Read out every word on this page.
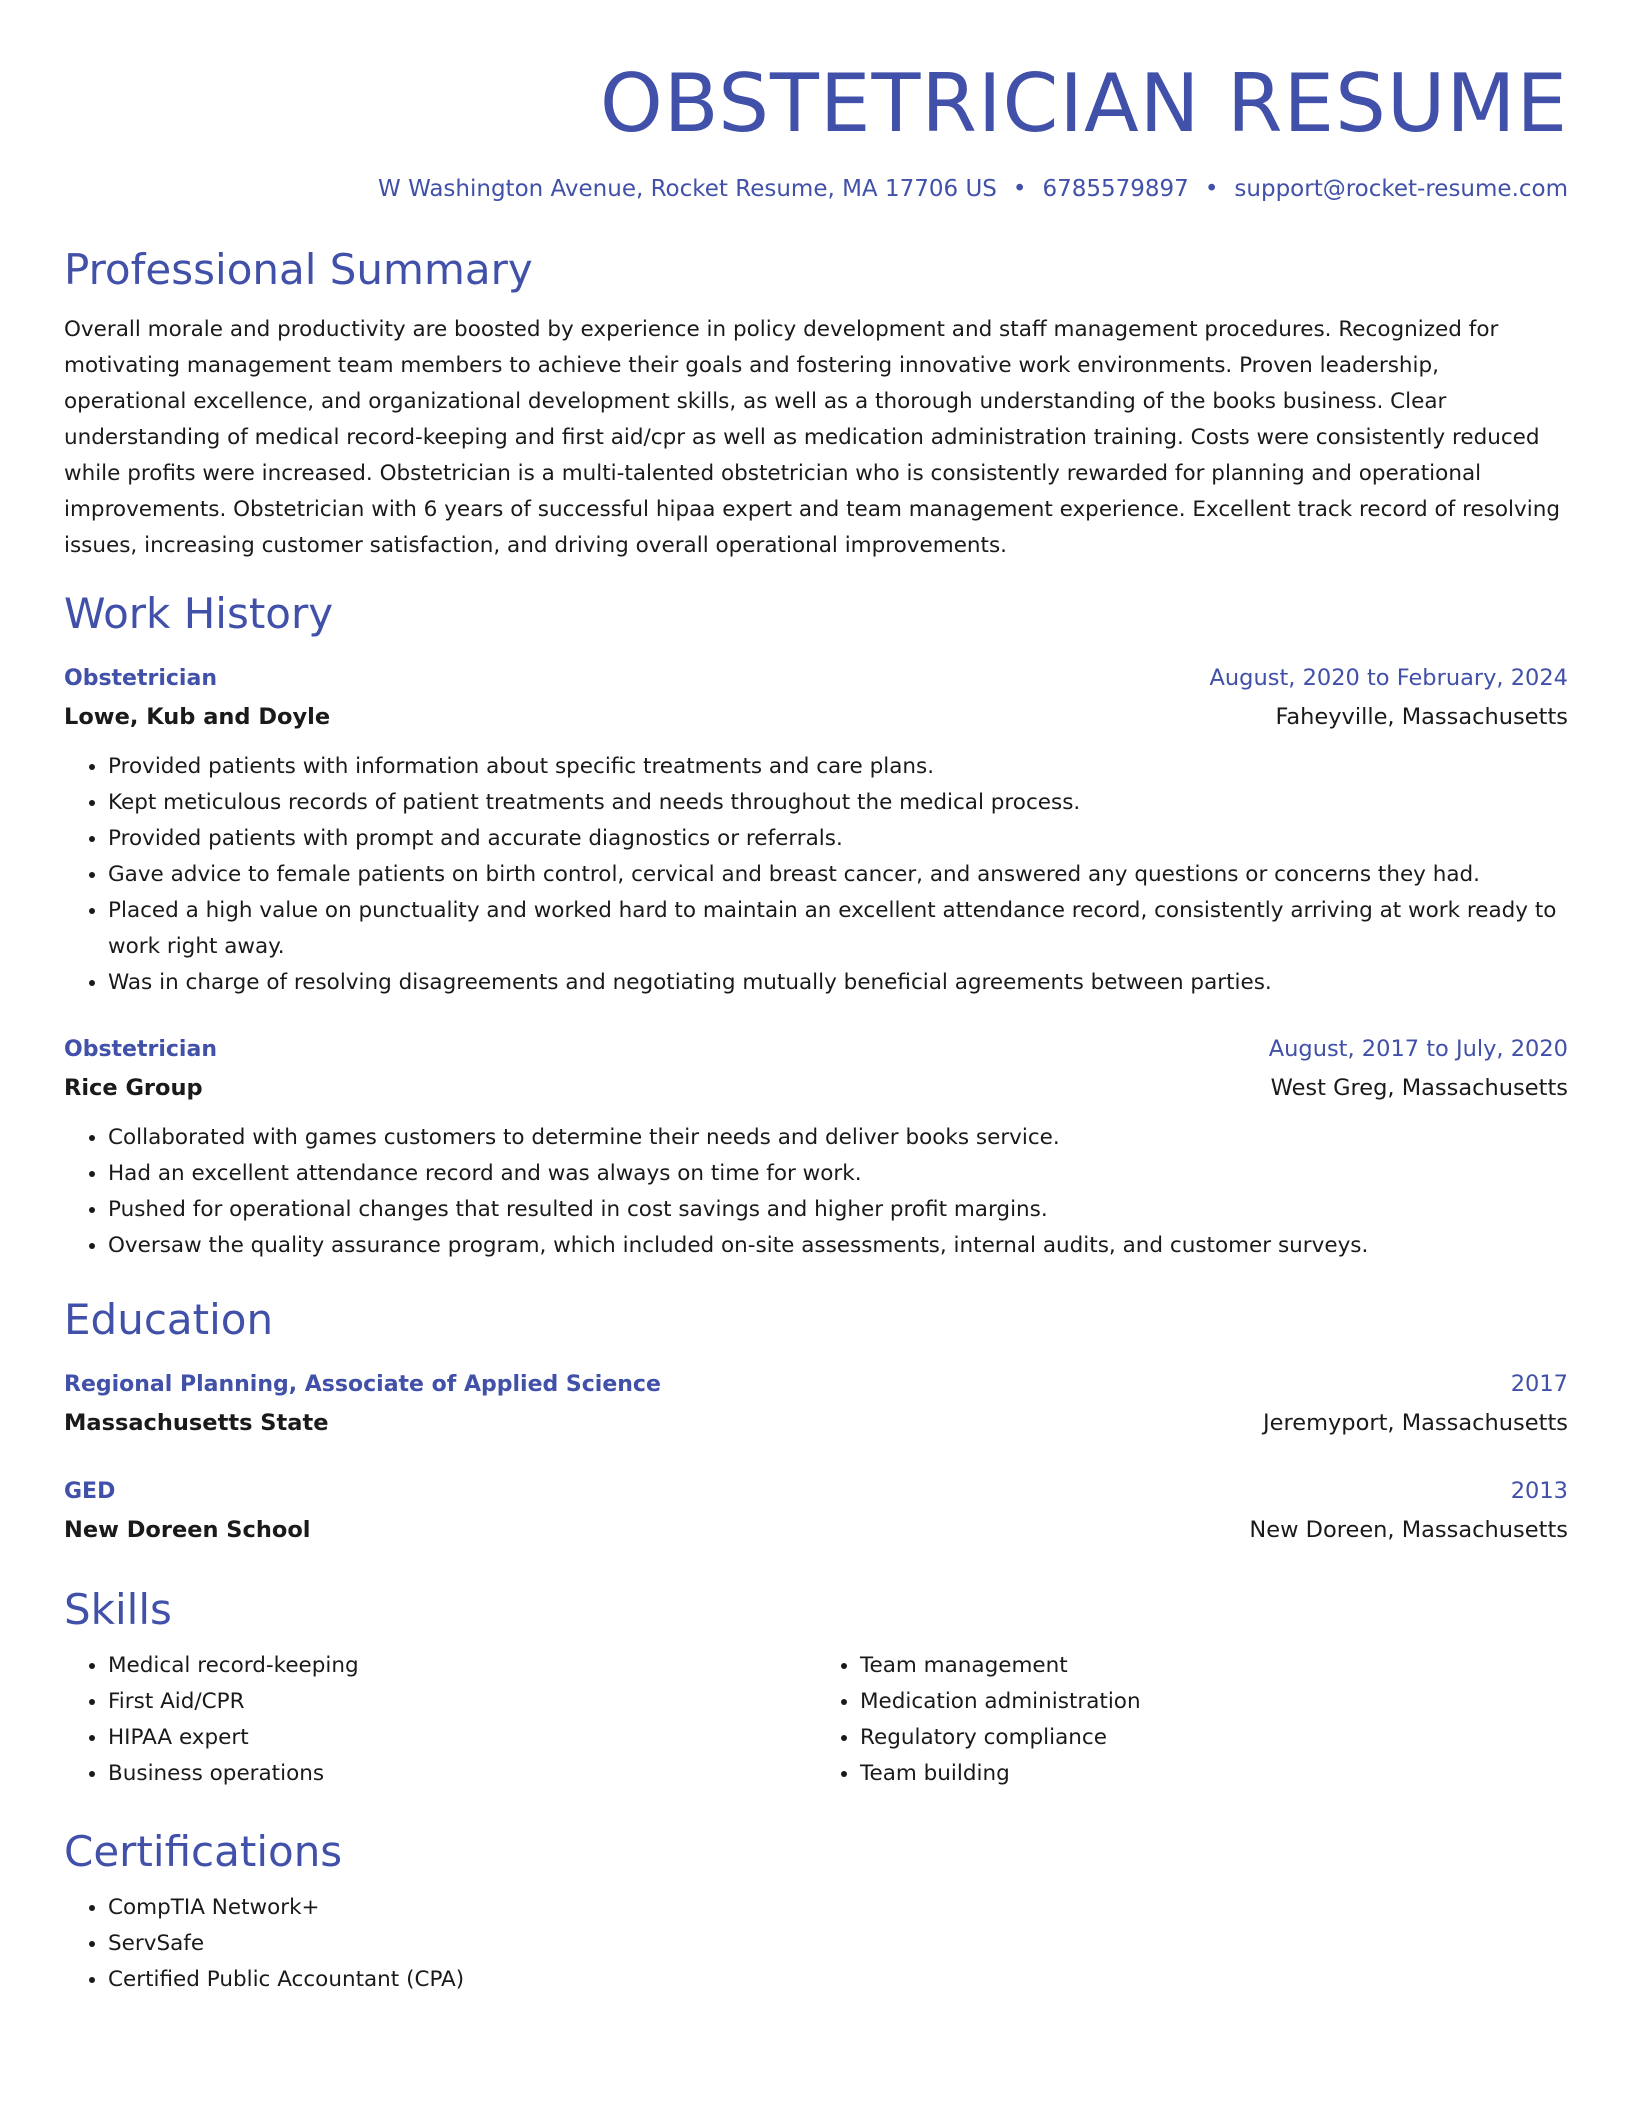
OBSTETRICIAN RESUME
W Washington Avenue, Rocket Resume, MA 17706 US • 6785579897 • support@rocket-resume.com
Professional Summary

Overall morale and productivity are boosted by experience in policy development and staff management procedures. Recognized for motivating management team members to achieve their goals and fostering innovative work environments. Proven leadership, operational excellence, and organizational development skills, as well as a thorough understanding of the books business. Clear understanding of medical record-keeping and first aid/cpr as well as medication administration training. Costs were consistently reduced while profits were increased. Obstetrician is a multi-talented obstetrician who is consistently rewarded for planning and operational improvements. Obstetrician with 6 years of successful hipaa expert and team management experience. Excellent track record of resolving issues, increasing customer satisfaction, and driving overall operational improvements.

Work History
Obstetrician	August, 2020 to February, 2024
Lowe, Kub and Doyle	Faheyville, Massachusetts
• Provided patients with information about specific treatments and care plans.
• Kept meticulous records of patient treatments and needs throughout the medical process.
• Provided patients with prompt and accurate diagnostics or referrals.
• Gave advice to female patients on birth control, cervical and breast cancer, and answered any questions or concerns they had.
• Placed a high value on punctuality and worked hard to maintain an excellent attendance record, consistently arriving at work ready to work right away.
• Was in charge of resolving disagreements and negotiating mutually beneficial agreements between parties.
Obstetrician	August, 2017 to July, 2020
Rice Group	West Greg, Massachusetts
• Collaborated with games customers to determine their needs and deliver books service.
• Had an excellent attendance record and was always on time for work.
• Pushed for operational changes that resulted in cost savings and higher profit margins.
• Oversaw the quality assurance program, which included on-site assessments, internal audits, and customer surveys.
Education
Regional Planning, Associate of Applied Science	2017
Massachusetts State	Jeremyport, Massachusetts
GED	2013
New Doreen School	New Doreen, Massachusetts
Skills
• Medical record-keeping
• First Aid/CPR
• HIPAA expert
• Business operations
• Team management
• Medication administration
• Regulatory compliance
• Team building
Certifications
• CompTIA Network+
• ServSafe
• Certified Public Accountant (CPA)
